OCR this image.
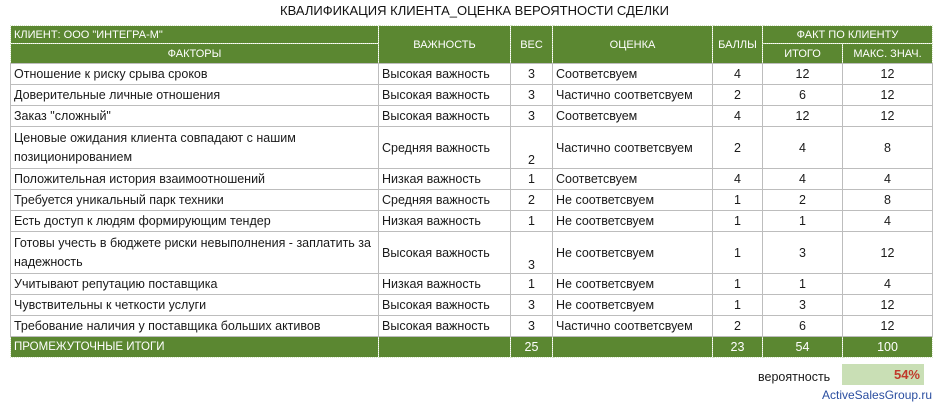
КВАЛИФИКАЦИЯ КЛИЕНТА_ОЦЕНКА ВЕРОЯТНОСТИ СДЕЛКИ
КЛИЕНТ: ООО "ИНТЕГРА-М"	ВАЖНОСТЬ	ВЕС	ОЦЕНКА	БАЛЛЫ	ФАКТ ПО КЛИЕНТУ	
ФАКТОРЫ					ИТОГО	МАКС. ЗНАЧ.
Отношение к риску срыва сроков	Высокая важность	3	Соответсвуем	4	12	12
Доверительные личные отношения	Высокая важность	3	Частично соответсвуем	2	6	12
Заказ "сложный"	Высокая важность	3	Соответсвуем	4	12	12
Ценовые ожидания клиента совпадают с нашим позиционированием	Средняя важность	2	Частично соответсвуем	2	4	8
Положительная история взаимоотношений	Низкая важность	1	Соответсвуем	4	4	4
Требуется уникальный парк техники	Средняя важность	2	Не соответсвуем	1	2	8
Есть доступ к людям формирующим тендер	Низкая важность	1	Не соответсвуем	1	1	4
Готовы учесть в бюджете риски невыполнения - заплатить за надежность	Высокая важность	3	Не соответсвуем	1	3	12
Учитывают репутацию поставщика	Низкая важность	1	Не соответсвуем	1	1	4
Чувствительны к четкости услуги	Высокая важность	3	Не соответсвуем	1	3	12
Требование наличия у поставщика больших активов	Высокая важность	3	Частично соответсвуем	2	6	12
ПРОМЕЖУТОЧНЫЕ ИТОГИ		25		23	54	100
вероятность	54%
ActiveSalesGroup.ru
